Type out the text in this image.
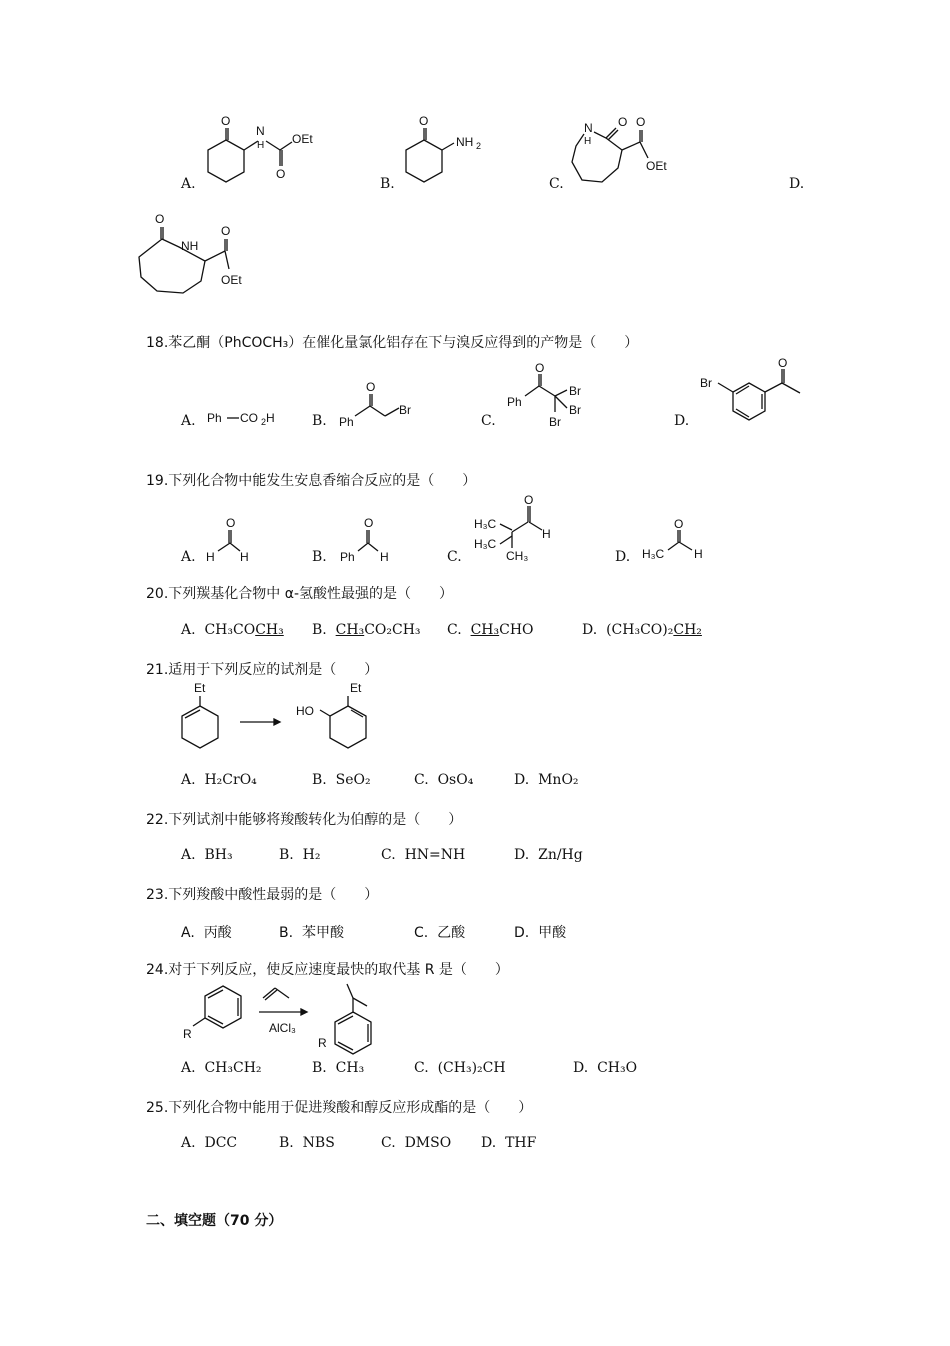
A.	B.	C.	D.
O
N
H
O
OEt
O
NH 2
N
H
O O
OEt
O
NH
O
OEt
18.苯乙酮（PhCOCH₃）在催化量氯化铝存在下与溴反应得到的产物是（　　）
A. Ph CO 2 H	B. Ph
O
Br
C.
Ph
O
Br
Br
Br	D.
Br
O
19.下列化合物中能发生安息香缩合反应的是（　　）
A.
O
H H	B.
O
Ph H	C.
H₃C
H₃C
CH₃
O
H
D.
O
H₃C H
20.下列羰基化合物中 α-氢酸性最强的是（　　）
A. CH₃COCH₃ B. CH₃CO₂CH₃ C. CH₃CHO	D. (CH₃CO)₂CH₂
21.适用于下列反应的试剂是（　　）
Et	Et
HO
A. H₂CrO₄	B. SeO₂	C. OsO₄	D. MnO₂
22.下列试剂中能够将羧酸转化为伯醇的是（　　）
A. BH₃	B. H₂	C. HN=NH	D. Zn/Hg
23.下列羧酸中酸性最弱的是（　　）
A. 丙酸	B. 苯甲酸	C. 乙酸	D. 甲酸
24.对于下列反应，使反应速度最快的取代基 R 是（　　）
R	AlCl₃
R
A. CH₃CH₂	B. CH₃	C. (CH₃)₂CH	D. CH₃O
25.下列化合物中能用于促进羧酸和醇反应形成酯的是（　　）
A. DCC	B. NBS	C. DMSO D. THF
二、填空题（70 分）
